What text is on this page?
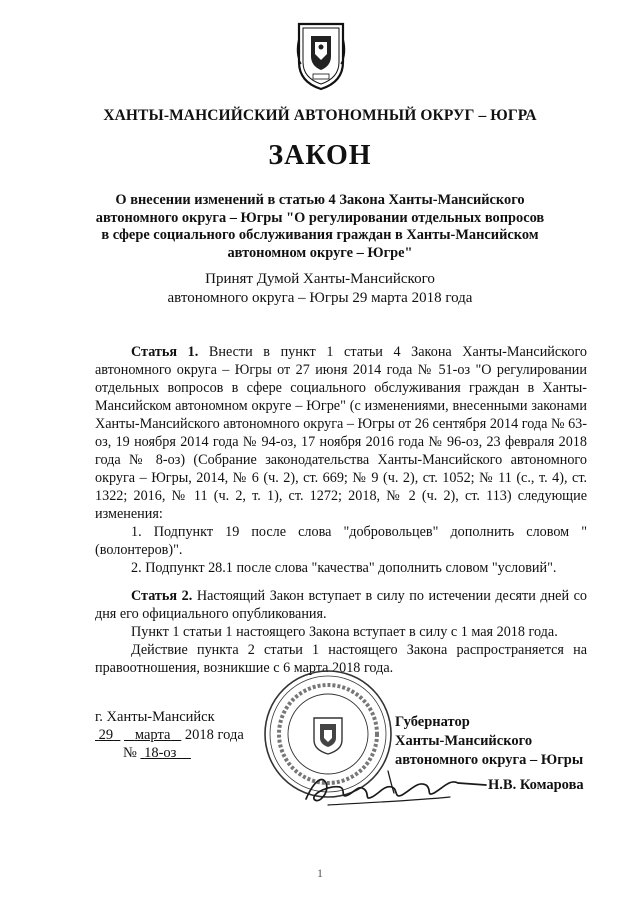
ХАНТЫ-МАНСИЙСКИЙ АВТОНОМНЫЙ ОКРУГ – ЮГРА
ЗАКОН
О внесении изменений в статью 4 Закона Ханты-Мансийского
автономного округа – Югры "О регулировании отдельных вопросов
в сфере социального обслуживания граждан в Ханты-Мансийском
автономном округе – Югре"
Принят Думой Ханты-Мансийского
автономного округа – Югры 29 марта 2018 года

Статья 1. Внести в пункт 1 статьи 4 Закона Ханты-Мансийского автономного округа – Югры от 27 июня 2014 года № 51-оз "О регулировании отдельных вопросов в сфере социального обслуживания граждан в Ханты-Мансийском автономном округе – Югре" (с изменениями, внесенными законами Ханты-Мансийского автономного округа – Югры от 26 сентября 2014 года № 63-оз, 19 ноября 2014 года № 94-оз, 17 ноября 2016 года № 96-оз, 23 февраля 2018 года № 8-оз) (Собрание законодательства Ханты-Мансийского автономного округа – Югры, 2014, № 6 (ч. 2), ст. 669; № 9 (ч. 2), ст. 1052; № 11 (с., т. 4), ст. 1322; 2016, № 11 (ч. 2, т. 1), ст. 1272; 2018, № 2 (ч. 2), ст. 113) следующие изменения:

1. Подпункт 19 после слова "добровольцев" дополнить словом "(волонтеров)".

2. Подпункт 28.1 после слова "качества" дополнить словом "условий".

Статья 2. Настоящий Закон вступает в силу по истечении десяти дней со дня его официального опубликования.

Пункт 1 статьи 1 настоящего Закона вступает в силу с 1 мая 2018 года.

Действие пункта 2 статьи 1 настоящего Закона распространяется на правоотношения, возникшие с 6 марта 2018 года.

г. Ханты-Мансийск
29 марта 2018 года
№ 18-оз
Губернатор
Ханты-Мансийского
автономного округа – Югры
Н.В. Комарова
1
